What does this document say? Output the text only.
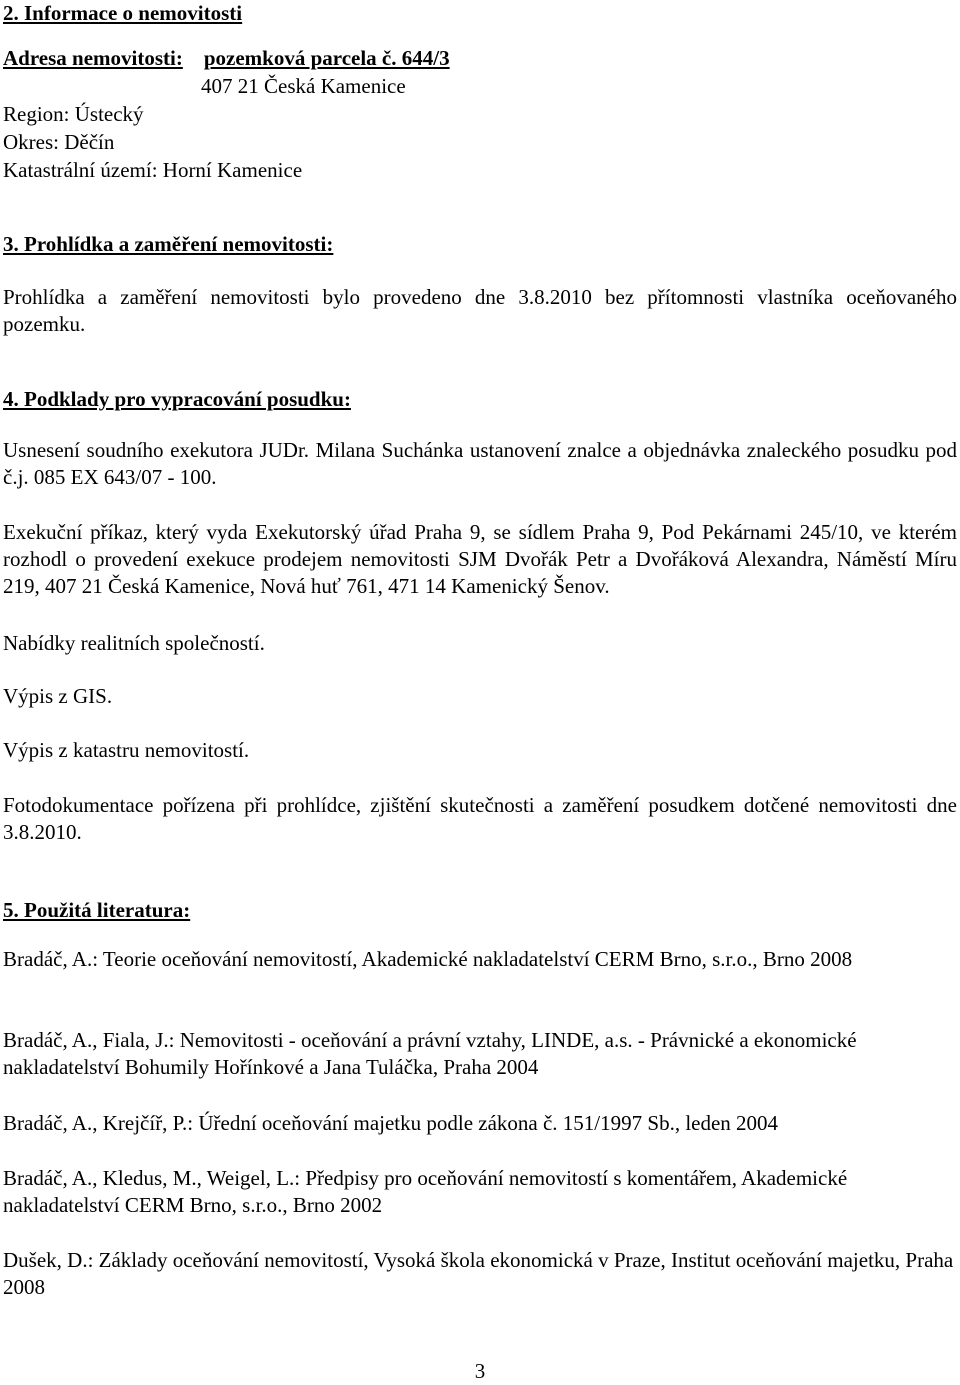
2. Informace o nemovitosti

Adresa nemovitosti: pozemková parcela č. 644/3

407 21 Česká Kamenice

Region: Ústecký

Okres: Děčín

Katastrální území: Horní Kamenice

3. Prohlídka a zaměření nemovitosti:

Prohlídka a zaměření nemovitosti bylo provedeno dne 3.8.2010 bez přítomnosti vlastníka oceňovaného pozemku.

4. Podklady pro vypracování posudku:

Usnesení soudního exekutora JUDr. Milana Suchánka ustanovení znalce a objednávka znaleckého posudku pod č.j. 085 EX 643/07 - 100.

Exekuční příkaz, který vyda Exekutorský úřad Praha 9, se sídlem Praha 9, Pod Pekárnami 245/10, ve kterém rozhodl o provedení exekuce prodejem nemovitosti SJM Dvořák Petr a Dvořáková Alexandra, Náměstí Míru 219, 407 21 Česká Kamenice, Nová huť 761, 471 14 Kamenický Šenov.

Nabídky realitních společností.

Výpis z GIS.

Výpis z katastru nemovitostí.

Fotodokumentace pořízena při prohlídce, zjištění skutečnosti a zaměření posudkem dotčené nemovitosti dne 3.8.2010.

5. Použitá literatura:

Bradáč, A.: Teorie oceňování nemovitostí, Akademické nakladatelství CERM Brno, s.r.o., Brno 2008

Bradáč, A., Fiala, J.: Nemovitosti - oceňování a právní vztahy, LINDE, a.s. - Právnické a ekonomické nakladatelství Bohumily Hořínkové a Jana Tuláčka, Praha 2004

Bradáč, A., Krejčíř, P.: Úřední oceňování majetku podle zákona č. 151/1997 Sb., leden 2004

Bradáč, A., Kledus, M., Weigel, L.: Předpisy pro oceňování nemovitostí s komentářem, Akademické nakladatelství CERM Brno, s.r.o., Brno 2002

Dušek, D.: Základy oceňování nemovitostí, Vysoká škola ekonomická v Praze, Institut oceňování majetku, Praha 2008

3
